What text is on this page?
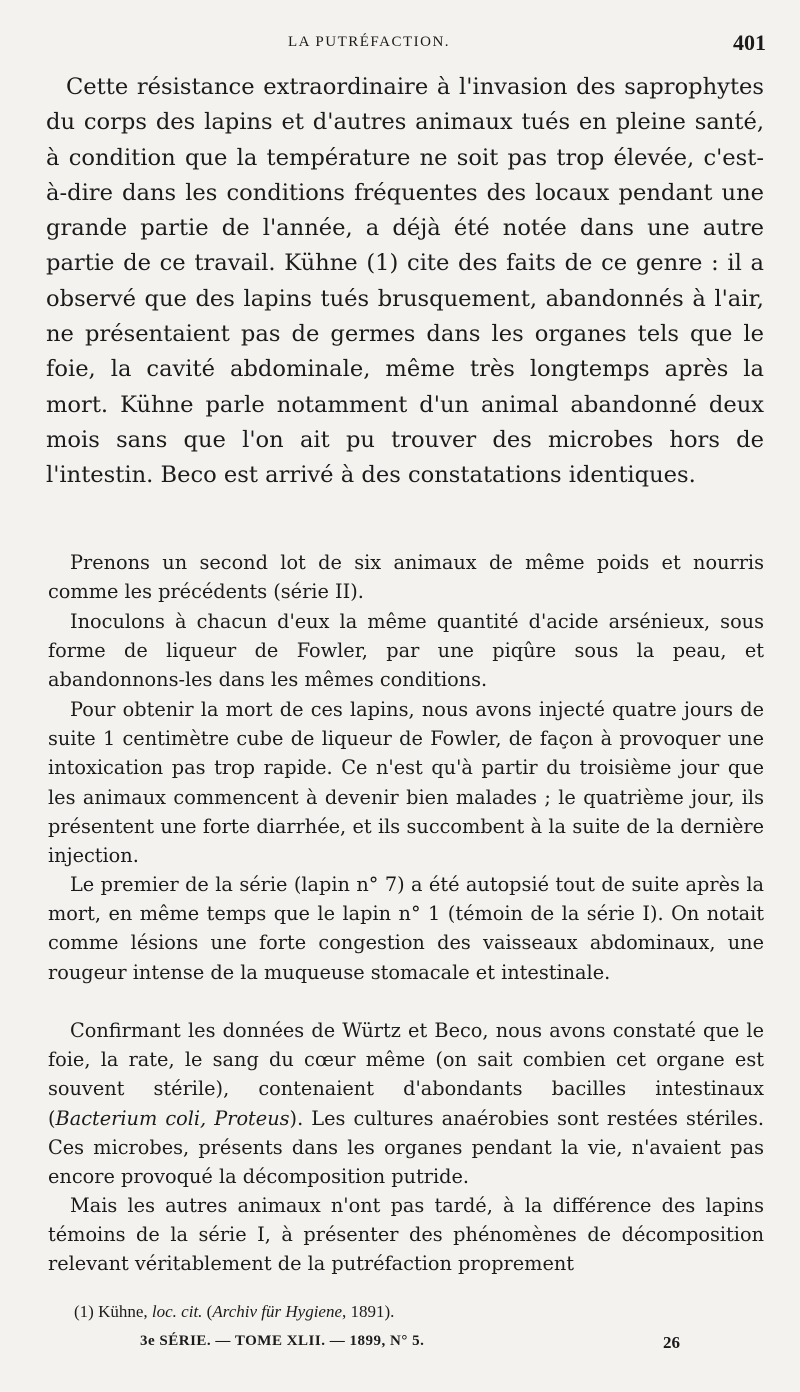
LA PUTRÉFACTION.	401

Cette résistance extraordinaire à l'invasion des saprophytes du corps des lapins et d'autres animaux tués en pleine santé, à condition que la température ne soit pas trop élevée, c'est-à-dire dans les conditions fréquentes des locaux pendant une grande partie de l'année, a déjà été notée dans une autre partie de ce travail. Kühne (1) cite des faits de ce genre : il a observé que des lapins tués brusquement, abandonnés à l'air, ne présentaient pas de germes dans les organes tels que le foie, la cavité abdominale, même très longtemps après la mort. Kühne parle notamment d'un animal abandonné deux mois sans que l'on ait pu trouver des microbes hors de l'intestin. Beco est arrivé à des constatations identiques.

Prenons un second lot de six animaux de même poids et nourris comme les précédents (série II).

Inoculons à chacun d'eux la même quantité d'acide arsénieux, sous forme de liqueur de Fowler, par une piqûre sous la peau, et abandonnons-les dans les mêmes conditions.

Pour obtenir la mort de ces lapins, nous avons injecté quatre jours de suite 1 centimètre cube de liqueur de Fowler, de façon à provoquer une intoxication pas trop rapide. Ce n'est qu'à partir du troisième jour que les animaux commencent à devenir bien malades ; le quatrième jour, ils présentent une forte diarrhée, et ils succombent à la suite de la dernière injection.

Le premier de la série (lapin n° 7) a été autopsié tout de suite après la mort, en même temps que le lapin n° 1 (témoin de la série I). On notait comme lésions une forte congestion des vaisseaux abdominaux, une rougeur intense de la muqueuse stomacale et intestinale.

Confirmant les données de Würtz et Beco, nous avons constaté que le foie, la rate, le sang du cœur même (on sait combien cet organe est souvent stérile), contenaient d'abondants bacilles intestinaux (Bacterium coli, Proteus). Les cultures anaérobies sont restées stériles. Ces microbes, présents dans les organes pendant la vie, n'avaient pas encore provoqué la décomposition putride.

Mais les autres animaux n'ont pas tardé, à la différence des lapins témoins de la série I, à présenter des phénomènes de décomposition relevant véritablement de la putréfaction proprement

(1) Kühne, loc. cit. (Archiv für Hygiene, 1891).
3e SÉRIE. — TOME XLII. — 1899, N° 5.	26
